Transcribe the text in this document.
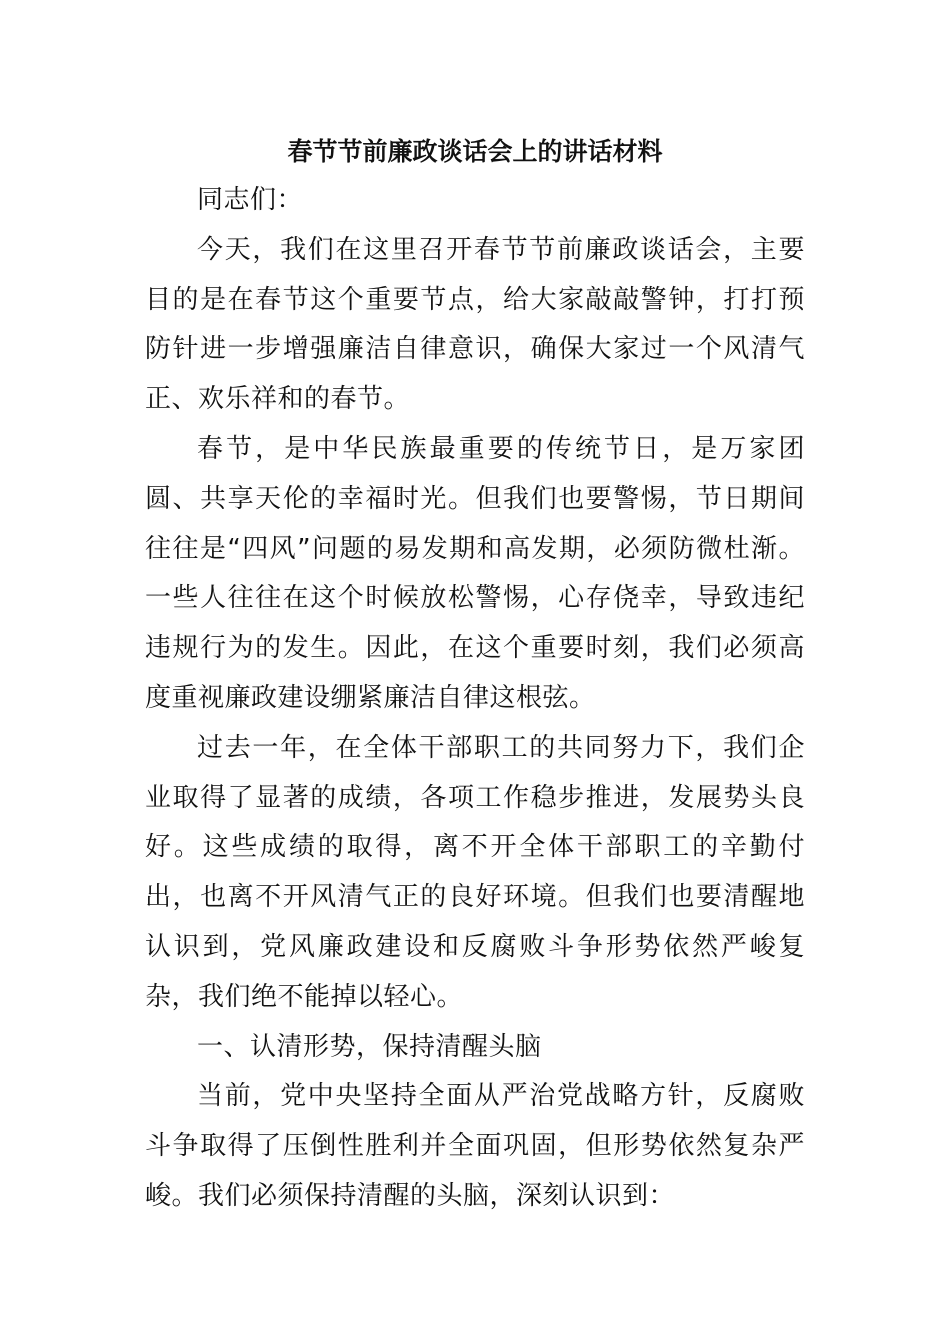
春节节前廉政谈话会上的讲话材料

同志们：

今天，我们在这里召开春节节前廉政谈话会，主要目的是在春节这个重要节点，给大家敲敲警钟，打打预防针进一步增强廉洁自律意识，确保大家过一个风清气正、欢乐祥和的春节。

春节，是中华民族最重要的传统节日，是万家团圆、共享天伦的幸福时光。但我们也要警惕，节日期间往往是“四风”问题的易发期和高发期，必须防微杜渐。一些人往往在这个时候放松警惕，心存侥幸，导致违纪违规行为的发生。因此，在这个重要时刻，我们必须高度重视廉政建设绷紧廉洁自律这根弦。

过去一年，在全体干部职工的共同努力下，我们企业取得了显著的成绩，各项工作稳步推进，发展势头良好。这些成绩的取得，离不开全体干部职工的辛勤付出，也离不开风清气正的良好环境。但我们也要清醒地认识到，党风廉政建设和反腐败斗争形势依然严峻复杂，我们绝不能掉以轻心。

一、认清形势，保持清醒头脑

当前，党中央坚持全面从严治党战略方针，反腐败斗争取得了压倒性胜利并全面巩固，但形势依然复杂严峻。我们必须保持清醒的头脑，深刻认识到：
